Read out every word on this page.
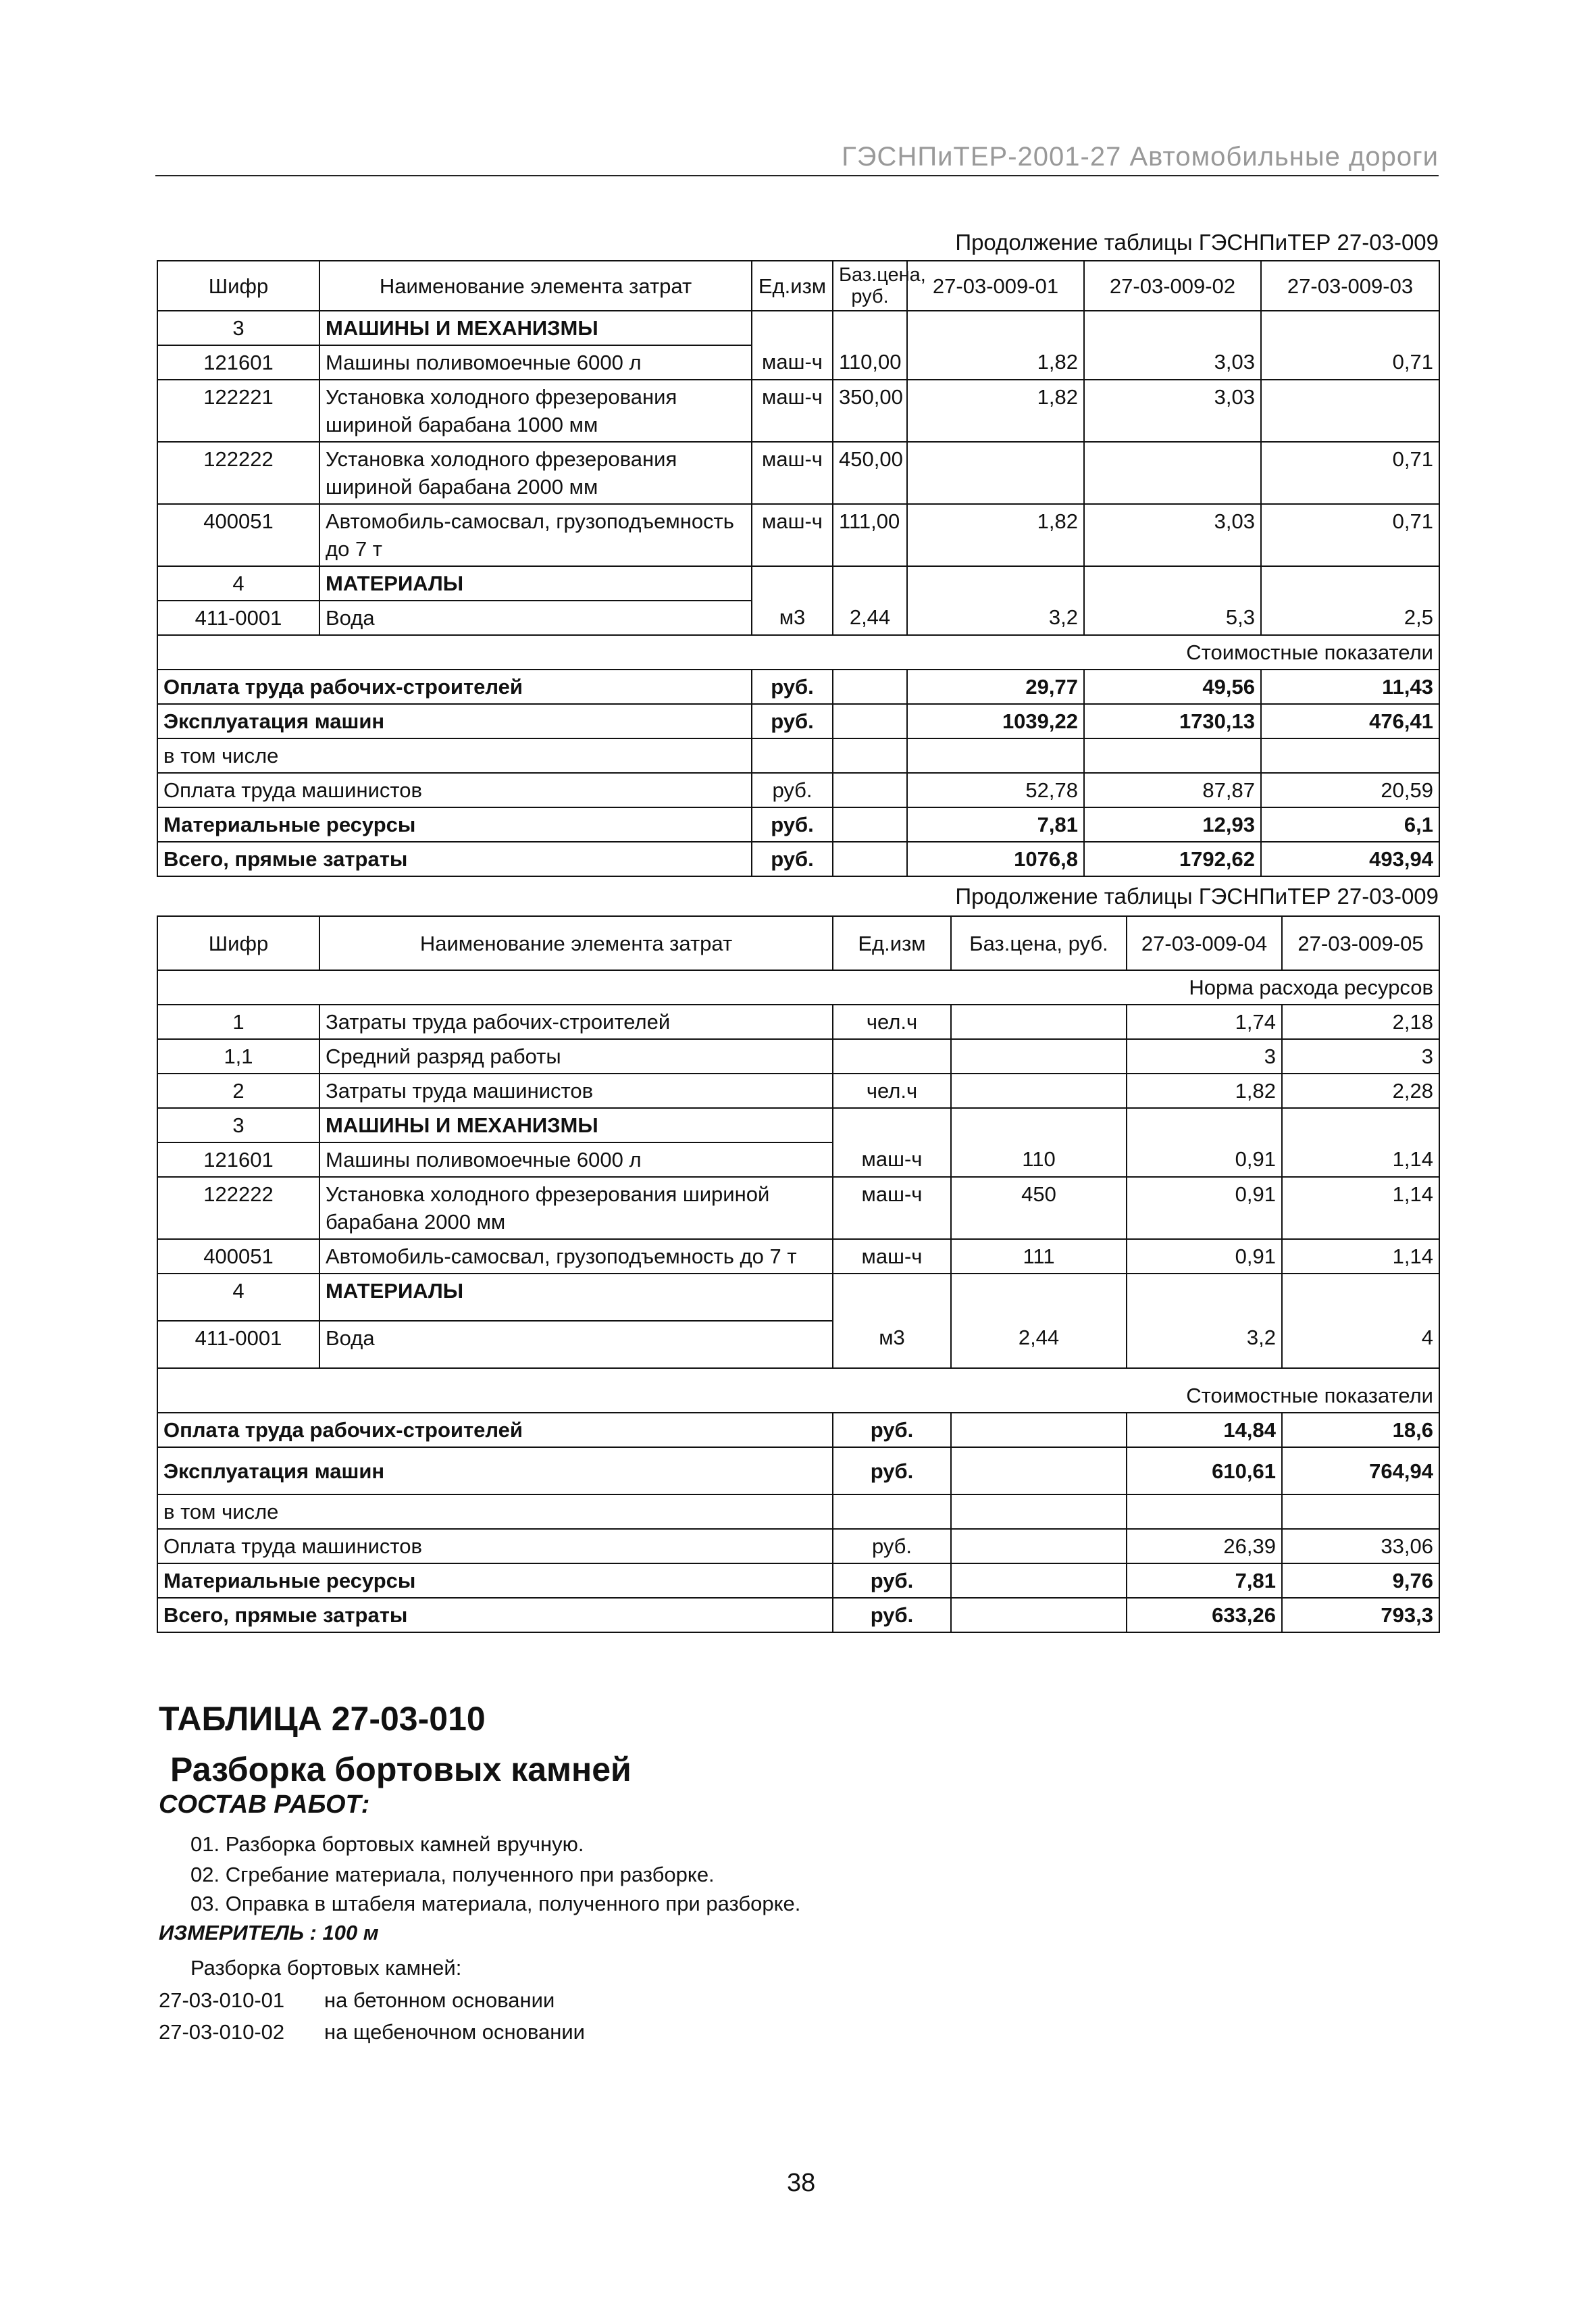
ГЭСНПиТЕР-2001-27 Автомобильные дороги
Продолжение таблицы ГЭСНПиТЕР 27-03-009
Шифр	Наименование элемента затрат	Ед.изм	Баз.цена, руб.	27-03-009-01	27-03-009-02	27-03-009-03
3	МАШИНЫ И МЕХАНИЗМЫ					
121601	Машины поливомоечные 6000 л	маш-ч	110,00	1,82	3,03	0,71
122221	Установка холодного фрезерования шириной барабана 1000 мм	маш-ч	350,00	1,82	3,03	
122222	Установка холодного фрезерования шириной барабана 2000 мм	маш-ч	450,00			0,71
400051	Автомобиль-самосвал, грузоподъемность до 7 т	маш-ч	111,00	1,82	3,03	0,71
4	МАТЕРИАЛЫ					
411-0001	Вода	м3	2,44	3,2	5,3	2,5
Стоимостные показатели						
Оплата труда рабочих-строителей		руб.		29,77	49,56	11,43
Эксплуатация машин		руб.		1039,22	1730,13	476,41
в том числе						
Оплата труда машинистов		руб.		52,78	87,87	20,59
Материальные ресурсы		руб.		7,81	12,93	6,1
Всего, прямые затраты		руб.		1076,8	1792,62	493,94
Продолжение таблицы ГЭСНПиТЕР 27-03-009
Шифр	Наименование элемента затрат	Ед.изм	Баз.цена, руб.	27-03-009-04	27-03-009-05
Норма расхода ресурсов					
1	Затраты труда рабочих-строителей	чел.ч		1,74	2,18
1,1	Средний разряд работы			3	3
2	Затраты труда машинистов	чел.ч		1,82	2,28
3	МАШИНЫ И МЕХАНИЗМЫ				
121601	Машины поливомоечные 6000 л	маш-ч	110	0,91	1,14
122222	Установка холодного фрезерования шириной барабана 2000 мм	маш-ч	450	0,91	1,14
400051	Автомобиль-самосвал, грузоподъемность до 7 т	маш-ч	111	0,91	1,14
4	МАТЕРИАЛЫ				
411-0001	Вода	м3	2,44	3,2	4
Стоимостные показатели					
Оплата труда рабочих-строителей		руб.		14,84	18,6
Эксплуатация машин		руб.		610,61	764,94
в том числе					
Оплата труда машинистов		руб.		26,39	33,06
Материальные ресурсы		руб.		7,81	9,76
Всего, прямые затраты		руб.		633,26	793,3
ТАБЛИЦА 27-03-010
Разборка бортовых камней
СОСТАВ РАБОТ:
01. Разборка бортовых камней вручную.
02. Сгребание материала, полученного при разборке.
03. Оправка в штабеля материала, полученного при разборке.
ИЗМЕРИТЕЛЬ : 100 м
Разборка бортовых камней:
27-03-010-01 на бетонном основании
27-03-010-02 на щебеночном основании
38
